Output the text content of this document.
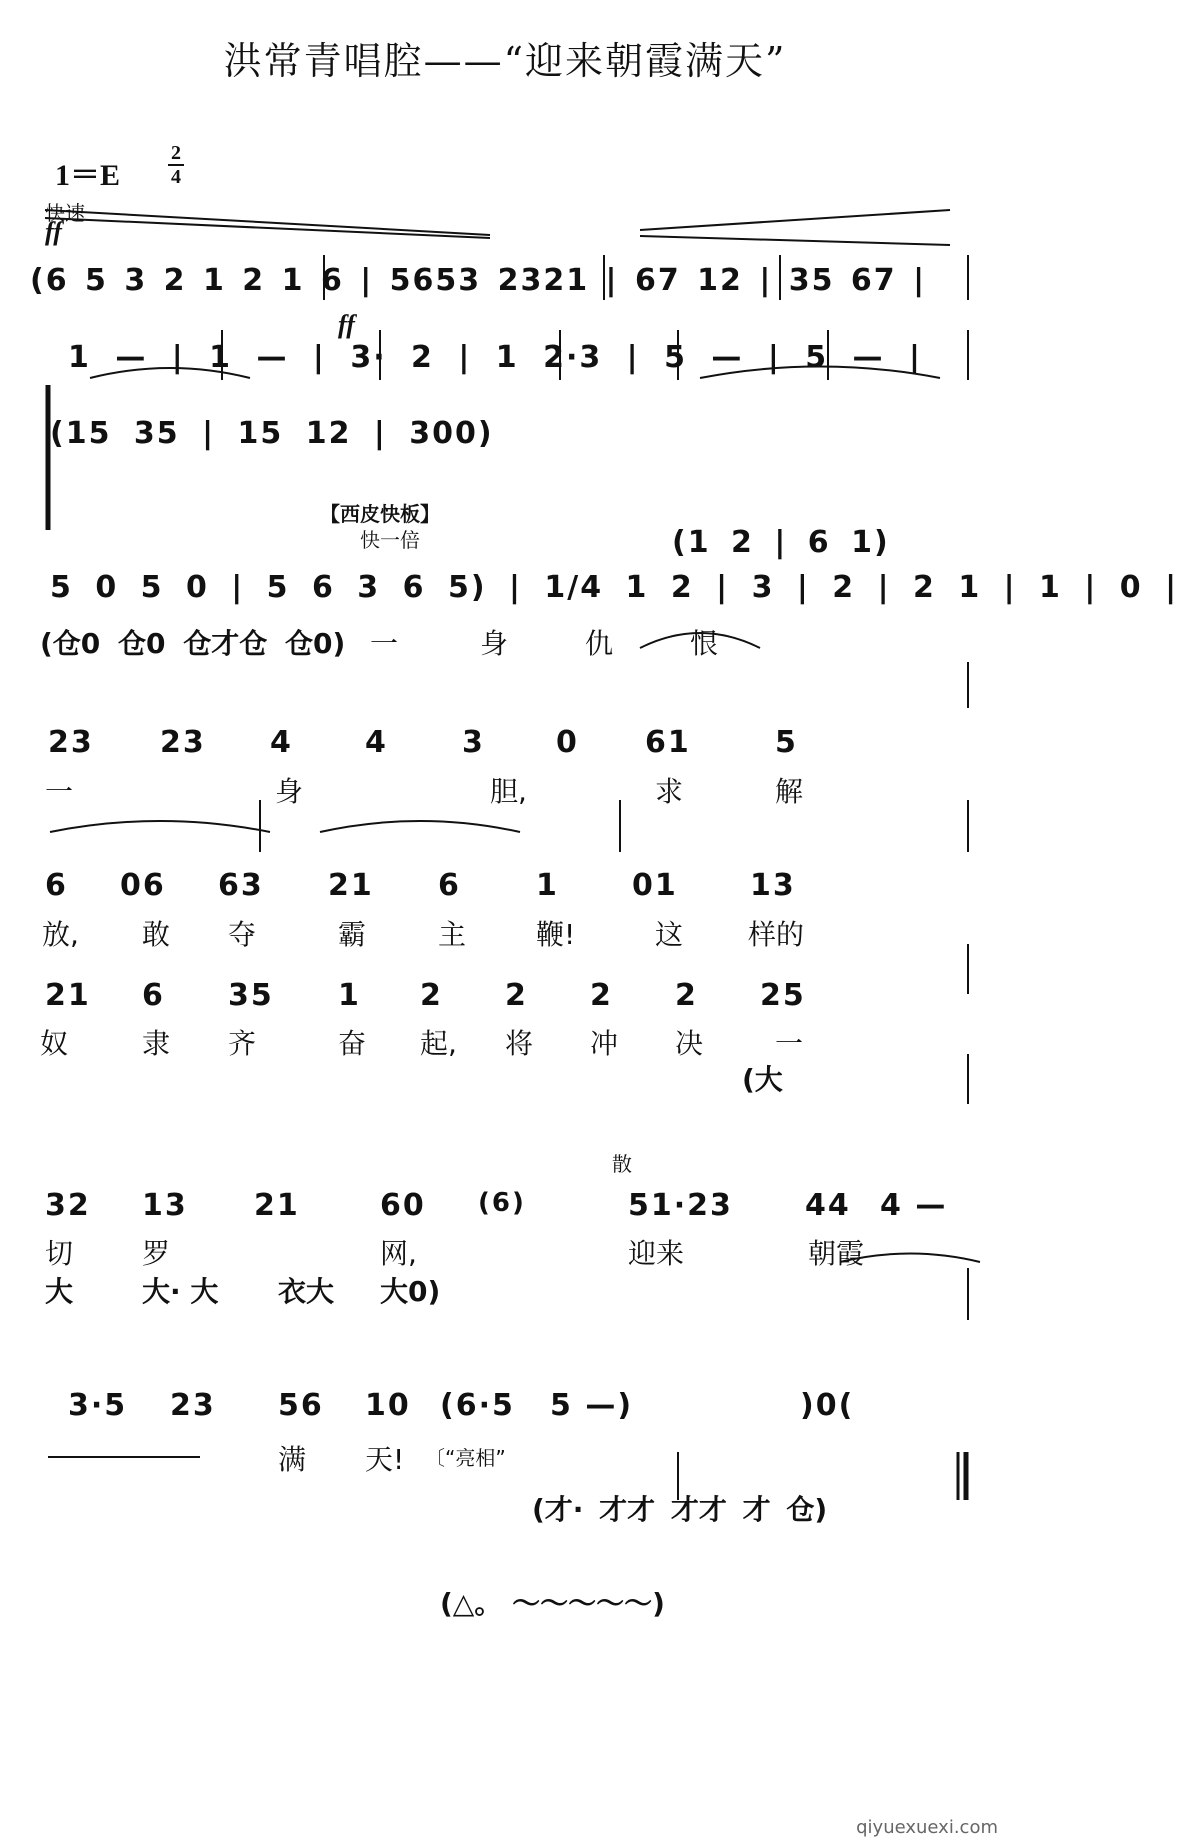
洪常青唱腔——“迎来朝霞满天”
1＝E
2
4
快速
ff
(6 5 3 2 1 2 1 6 | 5653 2321 | 67 12 | 35 67 |
ff
1 — | 1 — | 3· 2 | 1 2·3 | 5 — | 5 — |
(15 35 | 15 12 | 300)
【西皮快板】
快一倍	(1 2 | 6 1)
5 0 5 0 | 5 6 3 6 5) | 1/4 1 2 | 3 | 2 | 2 1 | 1 | 0 |
(仓0 仓0 仓才仓 仓0) 一	身	仇	恨
23 23 4 4 3 0 61	5
一	身	胆,	求	解
6 06 63 21 6	1 01 13
放, 敢 夺	霸	主 鞭!	这 样的
21 6 35 1 2 2 2 2 25
奴	隶 齐	奋 起, 将 冲 决	一
(大
散
32 13 21	60 (6)	51·23 44 4 —
切 罗	网,	迎来	朝霞
大 大· 大 衣大 大0)
3·5 23 56 10 (6·5 5 —)	)0(
满 天! 〔“亮相”
(才· 才才 才才 才 仓)
(△。 ～～～～～)
qiyuexuexi.com
